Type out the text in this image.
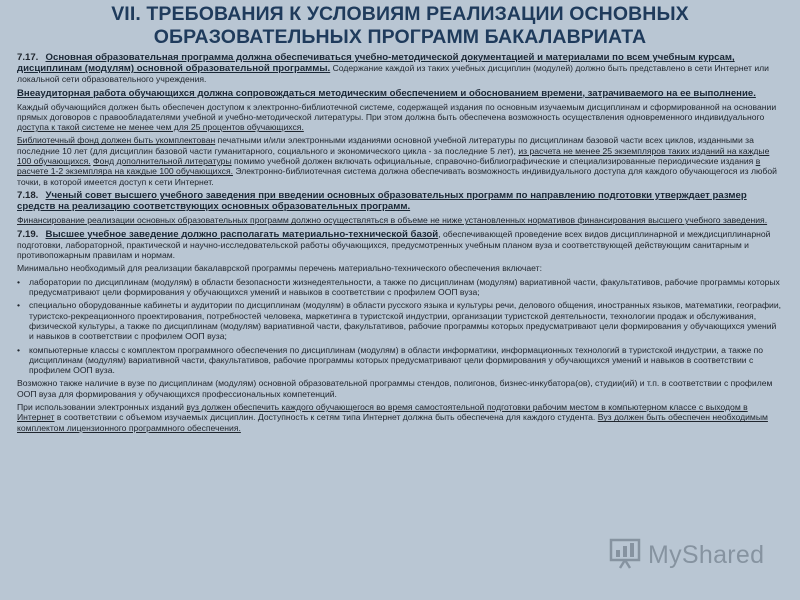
VII. ТРЕБОВАНИЯ К УСЛОВИЯМ РЕАЛИЗАЦИИ ОСНОВНЫХ ОБРАЗОВАТЕЛЬНЫХ ПРОГРАММ БАКАЛАВРИАТА

7.17. Основная образовательная программа должна обеспечиваться учебно-методической документацией и материалами по всем учебным курсам, дисциплинам (модулям) основной образовательной программы. Содержание каждой из таких учебных дисциплин (модулей) должно быть представлено в сети Интернет или локальной сети образовательного учреждения.

Внеаудиторная работа обучающихся должна сопровождаться методическим обеспечением и обоснованием времени, затрачиваемого на ее выполнение.

Каждый обучающийся должен быть обеспечен доступом к электронно-библиотечной системе, содержащей издания по основным изучаемым дисциплинам и сформированной на основании прямых договоров с правообладателями учебной и учебно-методической литературы. При этом должна быть обеспечена возможность осуществления одновременного индивидуального доступа к такой системе не менее чем для 25 процентов обучающихся.

Библиотечный фонд должен быть укомплектован печатными и/или электронными изданиями основной учебной литературы по дисциплинам базовой части всех циклов, изданными за последние 10 лет (для дисциплин базовой части гуманитарного, социального и экономического цикла - за последние 5 лет), из расчета не менее 25 экземпляров таких изданий на каждые 100 обучающихся. Фонд дополнительной литературы помимо учебной должен включать официальные, справочно-библиографические и специализированные периодические издания в расчете 1-2 экземпляра на каждые 100 обучающихся. Электронно-библиотечная система должна обеспечивать возможность индивидуального доступа для каждого обучающегося из любой точки, в которой имеется доступ к сети Интернет.

7.18. Ученый совет высшего учебного заведения при введении основных образовательных программ по направлению подготовки утверждает размер средств на реализацию соответствующих основных образовательных программ.

Финансирование реализации основных образовательных программ должно осуществляться в объеме не ниже установленных нормативов финансирования высшего учебного заведения.

7.19. Высшее учебное заведение должно располагать материально-технической базой, обеспечивающей проведение всех видов дисциплинарной и междисциплинарной подготовки, лабораторной, практической и научно-исследовательской работы обучающихся, предусмотренных учебным планом вуза и соответствующей действующим санитарным и противопожарным правилам и нормам.

Минимально необходимый для реализации бакалаврской программы перечень материально-технического обеспечения включает:

•	лаборатории по дисциплинам (модулям) в области безопасности жизнедеятельности, а также по дисциплинам (модулям) вариативной части, факультативов, рабочие программы которых предусматривают цели формирования у обучающихся умений и навыков в соответствии с профилем ООП вуза;
•	специально оборудованные кабинеты и аудитории по дисциплинам (модулям) в области русского языка и культуры речи, делового общения, иностранных языков, математики, географии, туристско-рекреационного проектирования, потребностей человека, маркетинга в туристской индустрии, организации туристской деятельности, технологии продаж и обслуживания, физической культуры, а также по дисциплинам (модулям) вариативной части, факультативов, рабочие программы которых предусматривают цели формирования у обучающихся умений и навыков в соответствии с профилем ООП вуза;
•	компьютерные классы с комплектом программного обеспечения по дисциплинам (модулям) в области информатики, информационных технологий в туристской индустрии, а также по дисциплинам (модулям) вариативной части, факультативов, рабочие программы которых предусматривают цели формирования у обучающихся умений и навыков в соответствии с профилем ООП вуза.

Возможно также наличие в вузе по дисциплинам (модулям) основной образовательной программы стендов, полигонов, бизнес-инкубатора(ов), студии(ий) и т.п. в соответствии с профилем ООП вуза для формирования у обучающихся профессиональных компетенций.

При использовании электронных изданий вуз должен обеспечить каждого обучающегося во время самостоятельной подготовки рабочим местом в компьютерном классе с выходом в Интернет в соответствии с объемом изучаемых дисциплин. Доступность к сетям типа Интернет должна быть обеспечена для каждого студента. Вуз должен быть обеспечен необходимым комплектом лицензионного программного обеспечения.

MyShared
